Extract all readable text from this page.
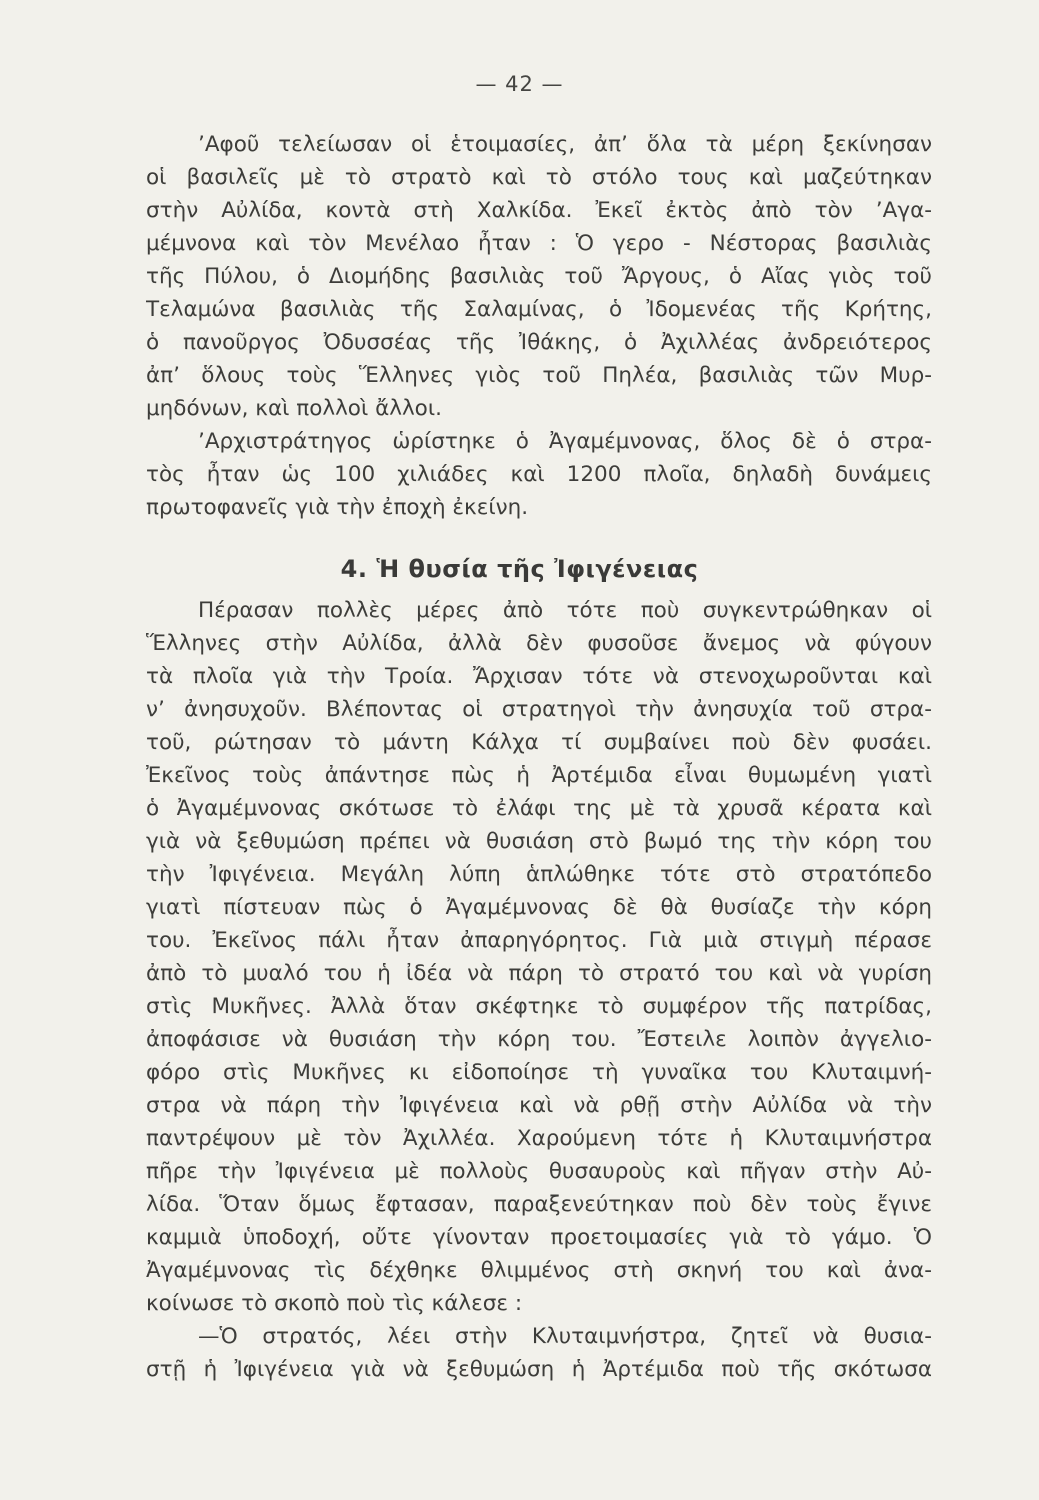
— 42 —
’Αφοῦ τελείωσαν οἱ ἑτοιμασίες, ἀπ’ ὅλα τὰ μέρη ξεκίνησαν
οἱ βασιλεῖς μὲ τὸ στρατὸ καὶ τὸ στόλο τους καὶ μαζεύτηκαν
στὴν Αὐλίδα, κοντὰ στὴ Χαλκίδα. Ἐκεῖ ἐκτὸς ἀπὸ τὸν ’Αγα-
μέμνονα καὶ τὸν Μενέλαο ἦταν : Ὁ γερο - Νέστορας βασιλιὰς
τῆς Πύλου, ὁ Διομήδης βασιλιὰς τοῦ Ἄργους, ὁ Αἴας γιὸς τοῦ
Τελαμώνα βασιλιὰς τῆς Σαλαμίνας, ὁ Ἰδομενέας τῆς Κρήτης,
ὁ πανοῦργος Ὀδυσσέας τῆς Ἰθάκης, ὁ Ἀχιλλέας ἀνδρειότερος
ἀπ’ ὅλους τοὺς Ἕλληνες γιὸς τοῦ Πηλέα, βασιλιὰς τῶν Μυρ-
μηδόνων, καὶ πολλοὶ ἄλλοι.
’Αρχιστράτηγος ὡρίστηκε ὁ Ἀγαμέμνονας, ὅλος δὲ ὁ στρα-
τὸς ἦταν ὡς 100 χιλιάδες καὶ 1200 πλοῖα, δηλαδὴ δυνάμεις
πρωτοφανεῖς γιὰ τὴν ἐποχὴ ἐκείνη.
4. Ἡ θυσία τῆς Ἰφιγένειας
Πέρασαν πολλὲς μέρες ἀπὸ τότε ποὺ συγκεντρώθηκαν οἱ
Ἕλληνες στὴν Αὐλίδα, ἀλλὰ δὲν φυσοῦσε ἄνεμος νὰ φύγουν
τὰ πλοῖα γιὰ τὴν Τροία. Ἄρχισαν τότε νὰ στενοχωροῦνται καὶ
ν’ ἀνησυχοῦν. Βλέποντας οἱ στρατηγοὶ τὴν ἀνησυχία τοῦ στρα-
τοῦ, ρώτησαν τὸ μάντη Κάλχα τί συμβαίνει ποὺ δὲν φυσάει.
Ἐκεῖνος τοὺς ἀπάντησε πὼς ἡ Ἀρτέμιδα εἶναι θυμωμένη γιατὶ
ὁ Ἀγαμέμνονας σκότωσε τὸ ἐλάφι της μὲ τὰ χρυσᾶ κέρατα καὶ
γιὰ νὰ ξεθυμώση πρέπει νὰ θυσιάση στὸ βωμό της τὴν κόρη του
τὴν Ἰφιγένεια. Μεγάλη λύπη ἁπλώθηκε τότε στὸ στρατόπεδο
γιατὶ πίστευαν πὼς ὁ Ἀγαμέμνονας δὲ θὰ θυσίαζε τὴν κόρη
του. Ἐκεῖνος πάλι ἦταν ἀπαρηγόρητος. Γιὰ μιὰ στιγμὴ πέρασε
ἀπὸ τὸ μυαλό του ἡ ἰδέα νὰ πάρη τὸ στρατό του καὶ νὰ γυρίση
στὶς Μυκῆνες. Ἀλλὰ ὅταν σκέφτηκε τὸ συμφέρον τῆς πατρίδας,
ἀποφάσισε νὰ θυσιάση τὴν κόρη του. Ἔστειλε λοιπὸν ἀγγελιο-
φόρο στὶς Μυκῆνες κι εἰδοποίησε τὴ γυναῖκα του Κλυταιμνή-
στρα νὰ πάρη τὴν Ἰφιγένεια καὶ νὰ ρθῇ στὴν Αὐλίδα νὰ τὴν
παντρέψουν μὲ τὸν Ἀχιλλέα. Χαρούμενη τότε ἡ Κλυταιμνήστρα
πῆρε τὴν Ἰφιγένεια μὲ πολλοὺς θυσαυροὺς καὶ πῆγαν στὴν Αὐ-
λίδα. Ὅταν ὅμως ἔφτασαν, παραξενεύτηκαν ποὺ δὲν τοὺς ἔγινε
καμμιὰ ὑποδοχή, οὔτε γίνονταν προετοιμασίες γιὰ τὸ γάμο. Ὁ
Ἀγαμέμνονας τὶς δέχθηκε θλιμμένος στὴ σκηνή του καὶ ἀνα-
κοίνωσε τὸ σκοπὸ ποὺ τὶς κάλεσε :
—Ὁ στρατός, λέει στὴν Κλυταιμνήστρα, ζητεῖ νὰ θυσια-
στῇ ἡ Ἰφιγένεια γιὰ νὰ ξεθυμώση ἡ Ἀρτέμιδα ποὺ τῆς σκότωσα
